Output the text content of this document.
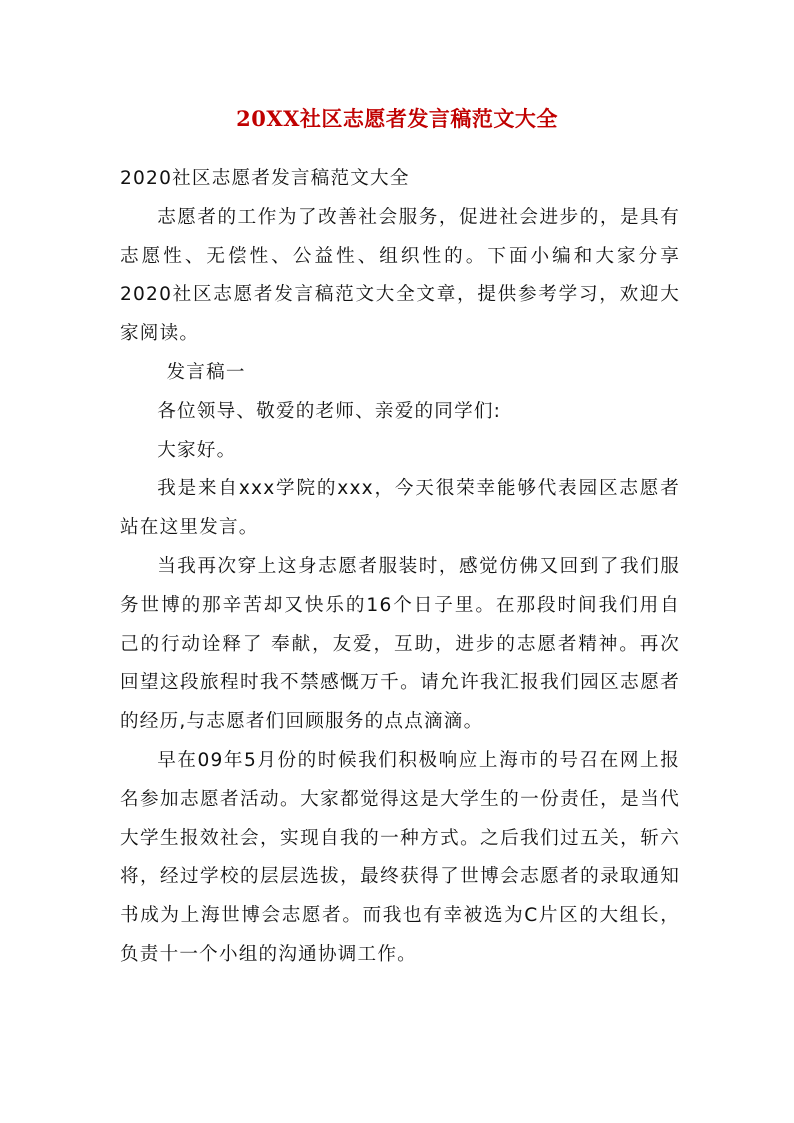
20XX社区志愿者发言稿范文大全

2020社区志愿者发言稿范文大全

志愿者的工作为了改善社会服务，促进社会进步的，是具有志愿性、无偿性、公益性、组织性的。下面小编和大家分享2020社区志愿者发言稿范文大全文章，提供参考学习，欢迎大家阅读。

发言稿一

各位领导、敬爱的老师、亲爱的同学们:

大家好。

我是来自xxx学院的xxx，今天很荣幸能够代表园区志愿者站在这里发言。

当我再次穿上这身志愿者服装时，感觉仿佛又回到了我们服务世博的那辛苦却又快乐的16个日子里。在那段时间我们用自己的行动诠释了 奉献，友爱，互助，进步的志愿者精神。再次回望这段旅程时我不禁感慨万千。请允许我汇报我们园区志愿者的经历,与志愿者们回顾服务的点点滴滴。

早在09年5月份的时候我们积极响应上海市的号召在网上报名参加志愿者活动。大家都觉得这是大学生的一份责任，是当代大学生报效社会，实现自我的一种方式。之后我们过五关，斩六将，经过学校的层层选拔，最终获得了世博会志愿者的录取通知书成为上海世博会志愿者。而我也有幸被选为C片区的大组长，负责十一个小组的沟通协调工作。
